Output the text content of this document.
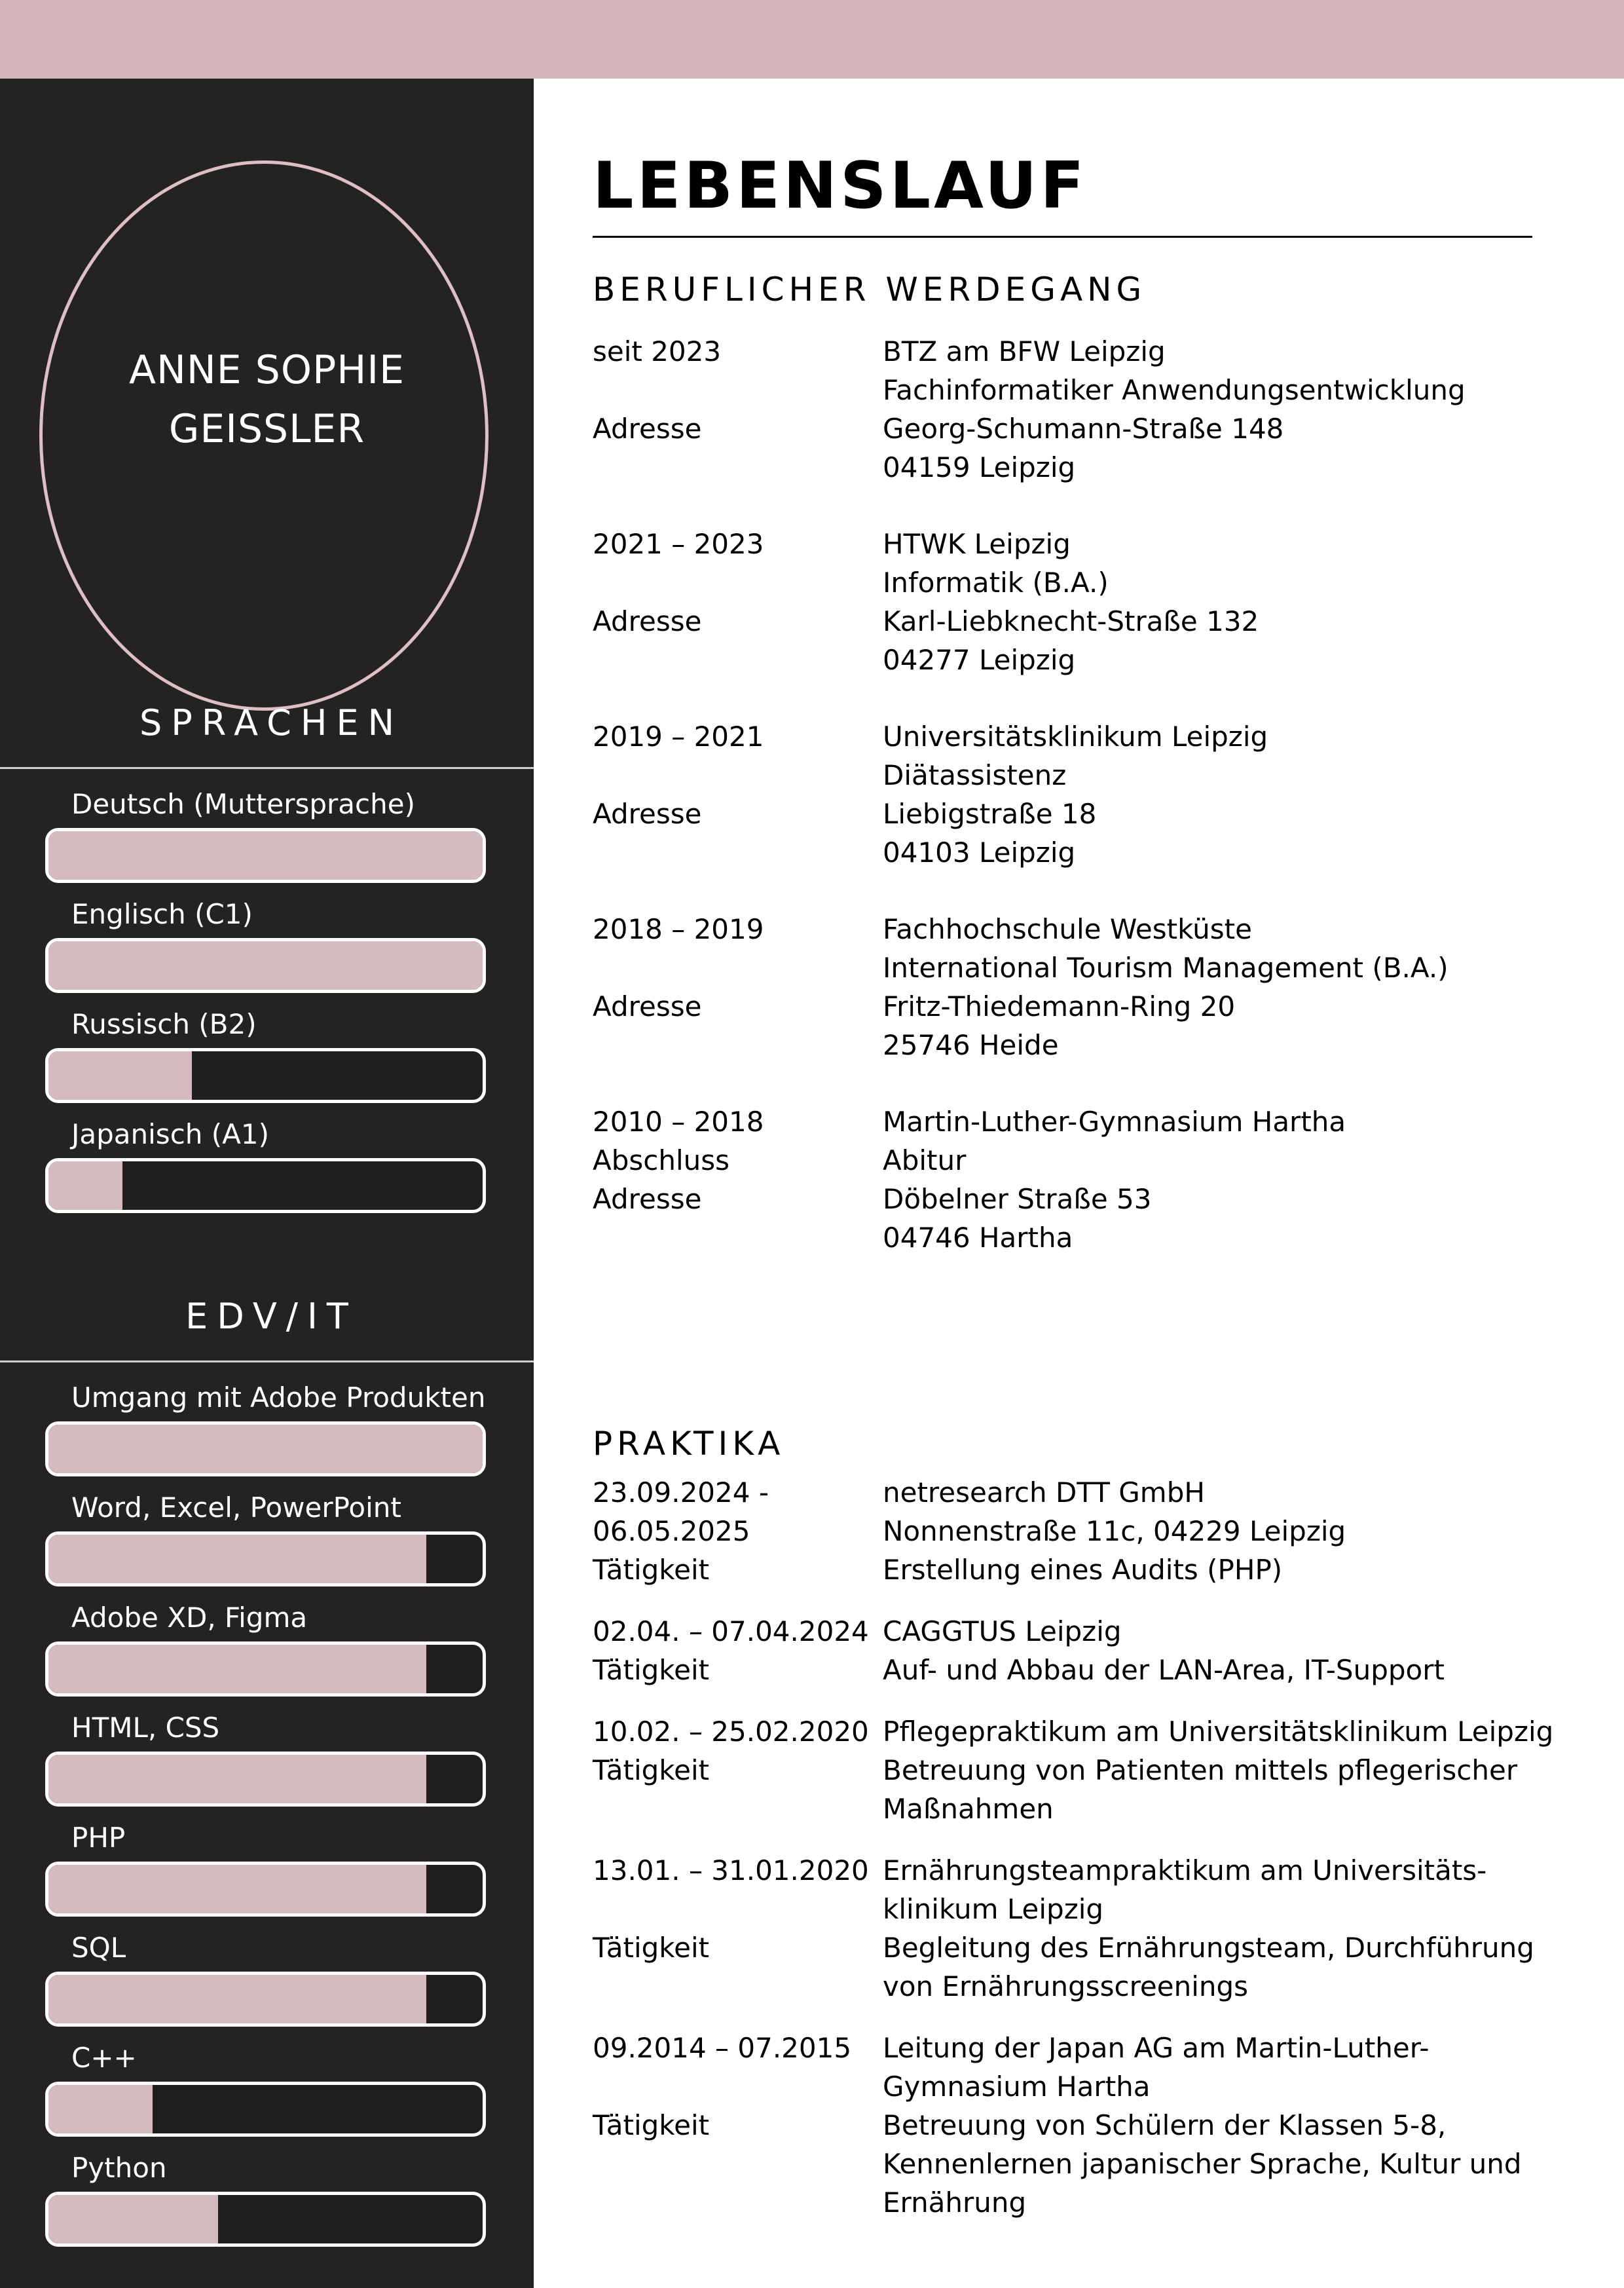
ANNE SOPHIE
GEISSLER
SPRACHEN
Deutsch (Muttersprache)
Englisch (C1)
Russisch (B2)
Japanisch (A1)
EDV/IT
Umgang mit Adobe Produkten
Word, Excel, PowerPoint
Adobe XD, Figma
HTML, CSS
PHP
SQL
C++
Python
LEBENSLAUF
BERUFLICHER WERDEGANG
seit 2023	BTZ am BFW Leipzig
Fachinformatiker Anwendungsentwicklung
Adresse	Georg-Schumann-Straße 148
04159 Leipzig
2021 – 2023	HTWK Leipzig
Informatik (B.A.)
Adresse	Karl-Liebknecht-Straße 132
04277 Leipzig
2019 – 2021	Universitätsklinikum Leipzig
Diätassistenz
Adresse	Liebigstraße 18
04103 Leipzig
2018 – 2019	Fachhochschule Westküste
International Tourism Management (B.A.)
Adresse	Fritz-Thiedemann-Ring 20
25746 Heide
2010 – 2018	Martin-Luther-Gymnasium Hartha
Abschluss	Abitur
Adresse	Döbelner Straße 53
04746 Hartha
PRAKTIKA
23.09.2024 -	netresearch DTT GmbH
06.05.2025	Nonnenstraße 11c, 04229 Leipzig
Tätigkeit	Erstellung eines Audits (PHP)
02.04. – 07.04.2024 CAGGTUS Leipzig
Tätigkeit	Auf- und Abbau der LAN-Area, IT-Support
10.02. – 25.02.2020 Pflegepraktikum am Universitätsklinikum Leipzig
Tätigkeit	Betreuung von Patienten mittels pflegerischer
Maßnahmen
13.01. – 31.01.2020 Ernährungsteampraktikum am Universitäts-
klinikum Leipzig
Tätigkeit	Begleitung des Ernährungsteam, Durchführung
von Ernährungsscreenings
09.2014 – 07.2015	Leitung der Japan AG am Martin-Luther-
Gymnasium Hartha
Tätigkeit	Betreuung von Schülern der Klassen 5-8,
Kennenlernen japanischer Sprache, Kultur und
Ernährung
